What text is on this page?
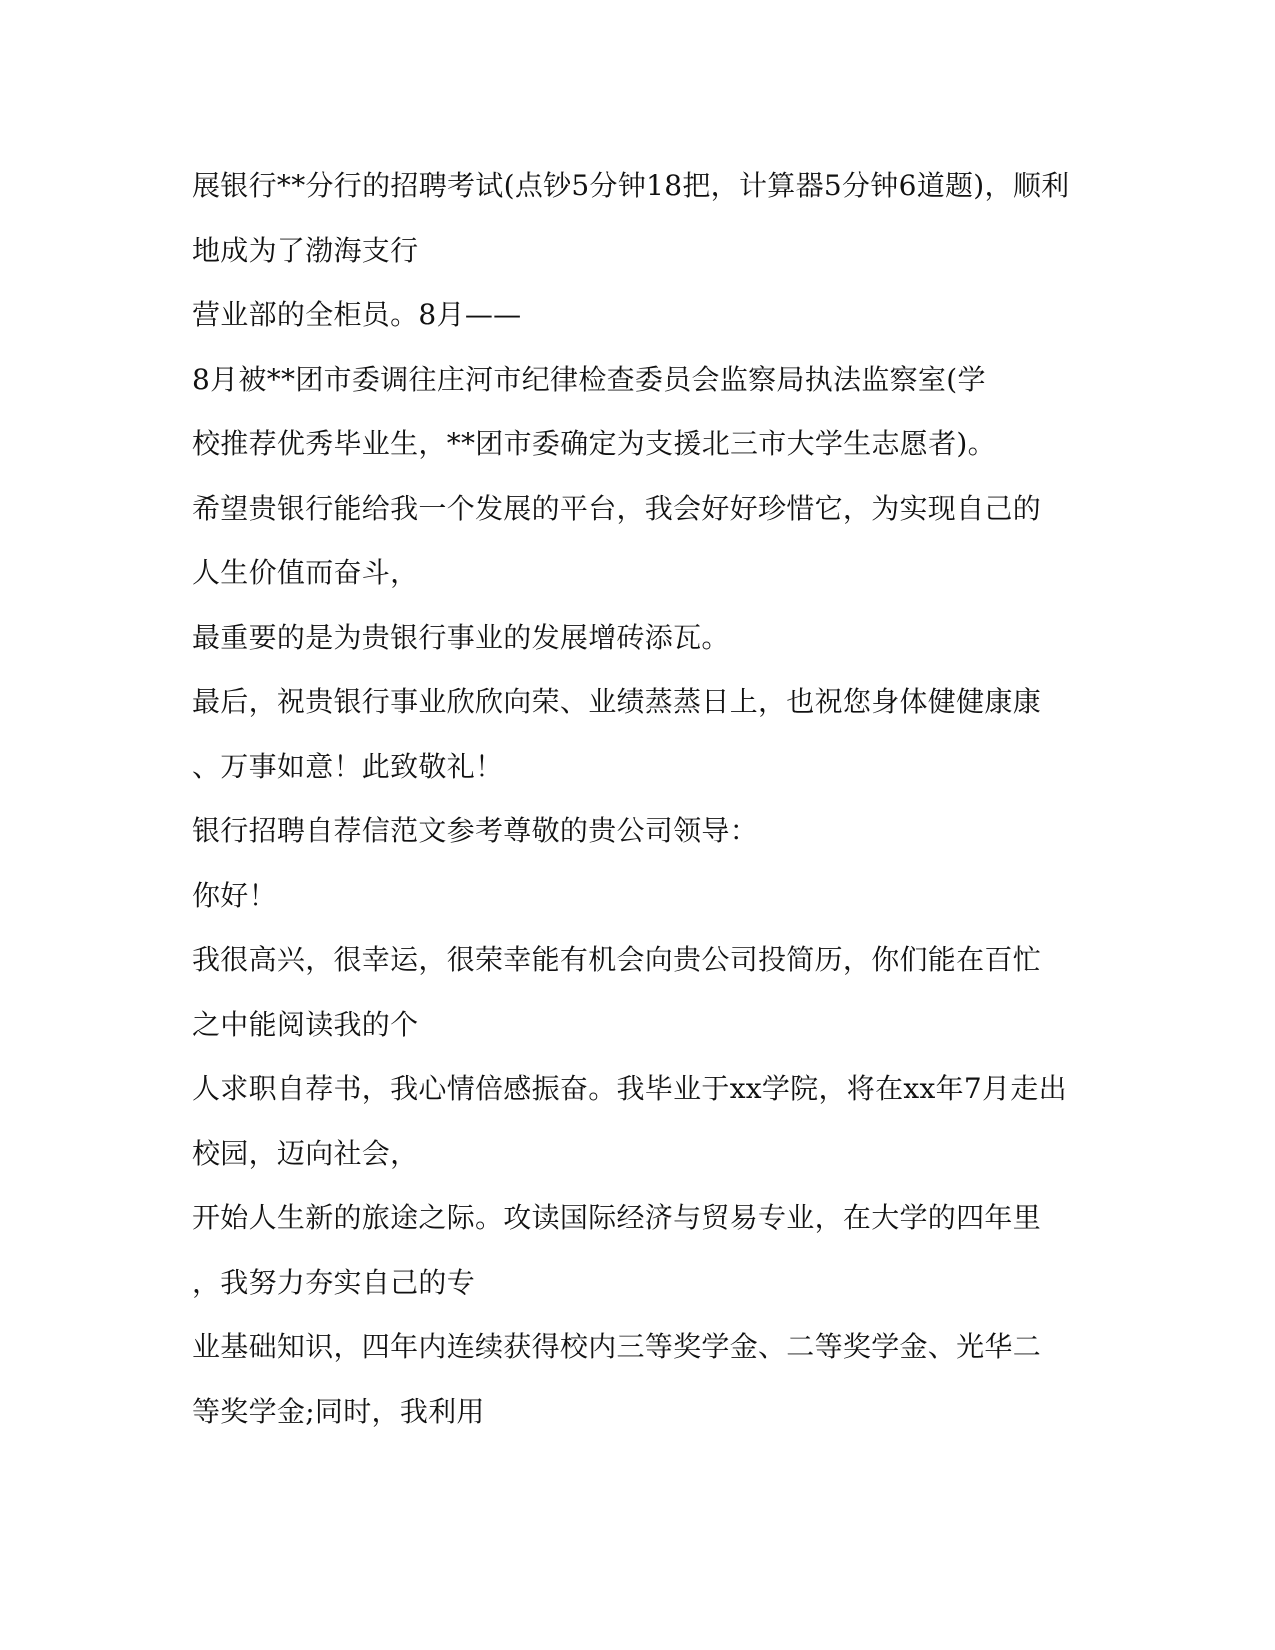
展银行**分行的招聘考试(点钞5分钟18把，计算器5分钟6道题)，顺利
地成为了渤海支行
营业部的全柜员。8月——
8月被**团市委调往庄河市纪律检查委员会监察局执法监察室(学
校推荐优秀毕业生，**团市委确定为支援北三市大学生志愿者)。
希望贵银行能给我一个发展的平台，我会好好珍惜它，为实现自己的
人生价值而奋斗，
最重要的是为贵银行事业的发展增砖添瓦。
最后，祝贵银行事业欣欣向荣、业绩蒸蒸日上，也祝您身体健健康康
、万事如意！此致敬礼！
银行招聘自荐信范文参考尊敬的贵公司领导：
你好！
我很高兴，很幸运，很荣幸能有机会向贵公司投简历，你们能在百忙
之中能阅读我的个
人求职自荐书，我心情倍感振奋。我毕业于xx学院，将在xx年7月走出
校园，迈向社会，
开始人生新的旅途之际。攻读国际经济与贸易专业，在大学的四年里
，我努力夯实自己的专
业基础知识，四年内连续获得校内三等奖学金、二等奖学金、光华二
等奖学金;同时，我利用
